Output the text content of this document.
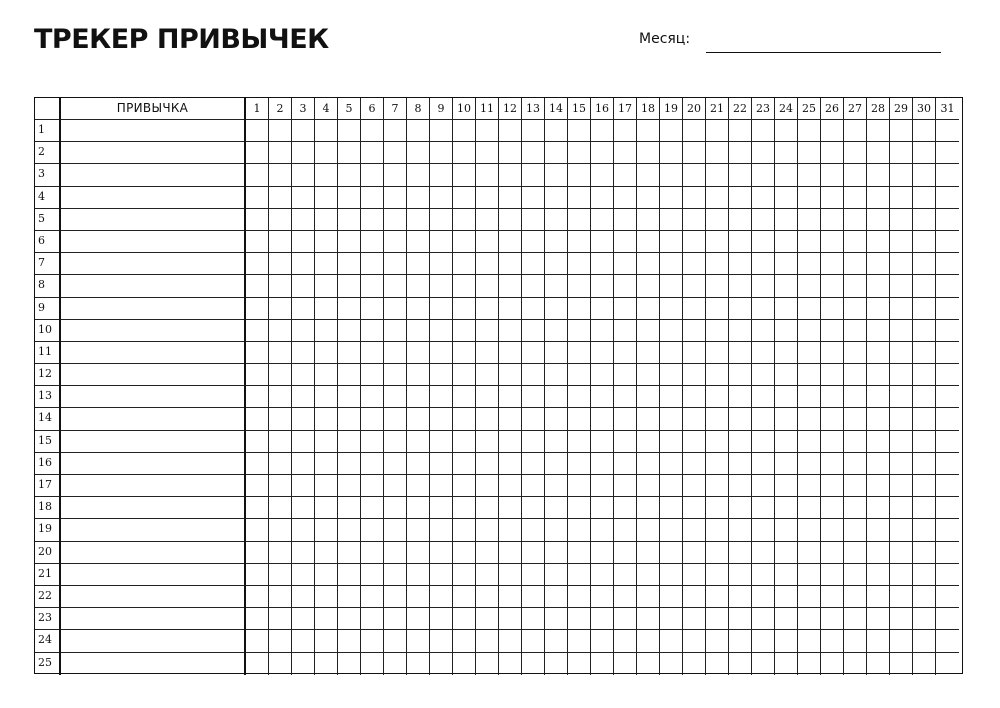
ТРЕКЕР ПРИВЫЧЕК	Месяц:
ПРИВЫЧКА	1	2	3	4	5	6	7	8	9	10 11 12 13 14 15 16 17 18 19 20 21 22 23 24 25 26 27 28 29 30 31
1
2
3
4
5
6
7
8
9
10
11
12
13
14
15
16
17
18
19
20
21
22
23
24
25
